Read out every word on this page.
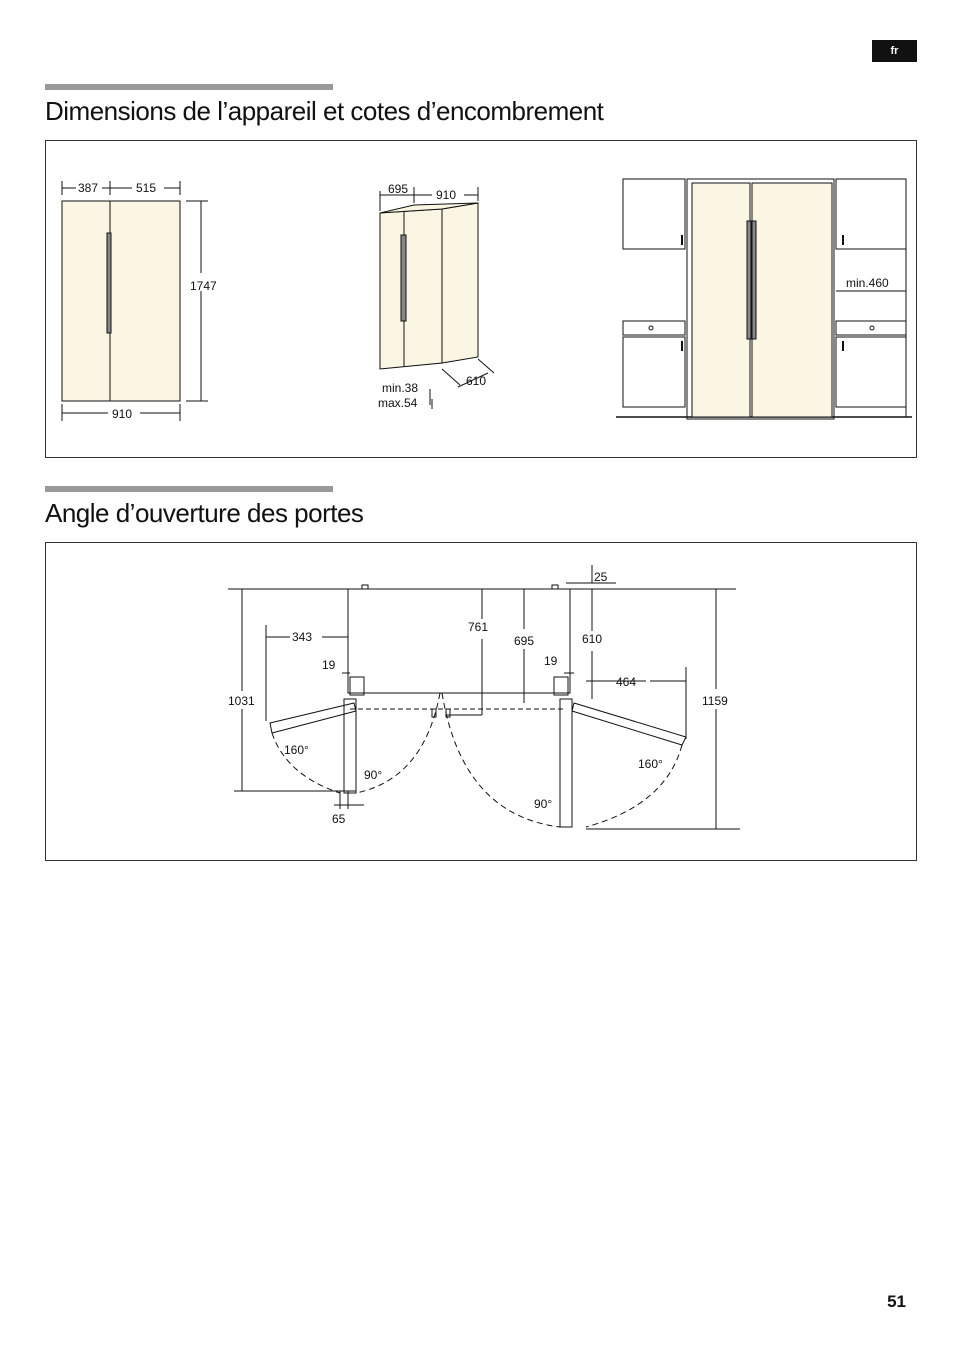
fr
Dimensions de l’appareil et cotes d’encombrement
387	515
1747
910
695 910
610
min.38
max.54
min.460
Angle d’ouverture des portes
25
761
695	610
343
19	19
464
1031	1159
160°
160°
90°
90°
65
51
